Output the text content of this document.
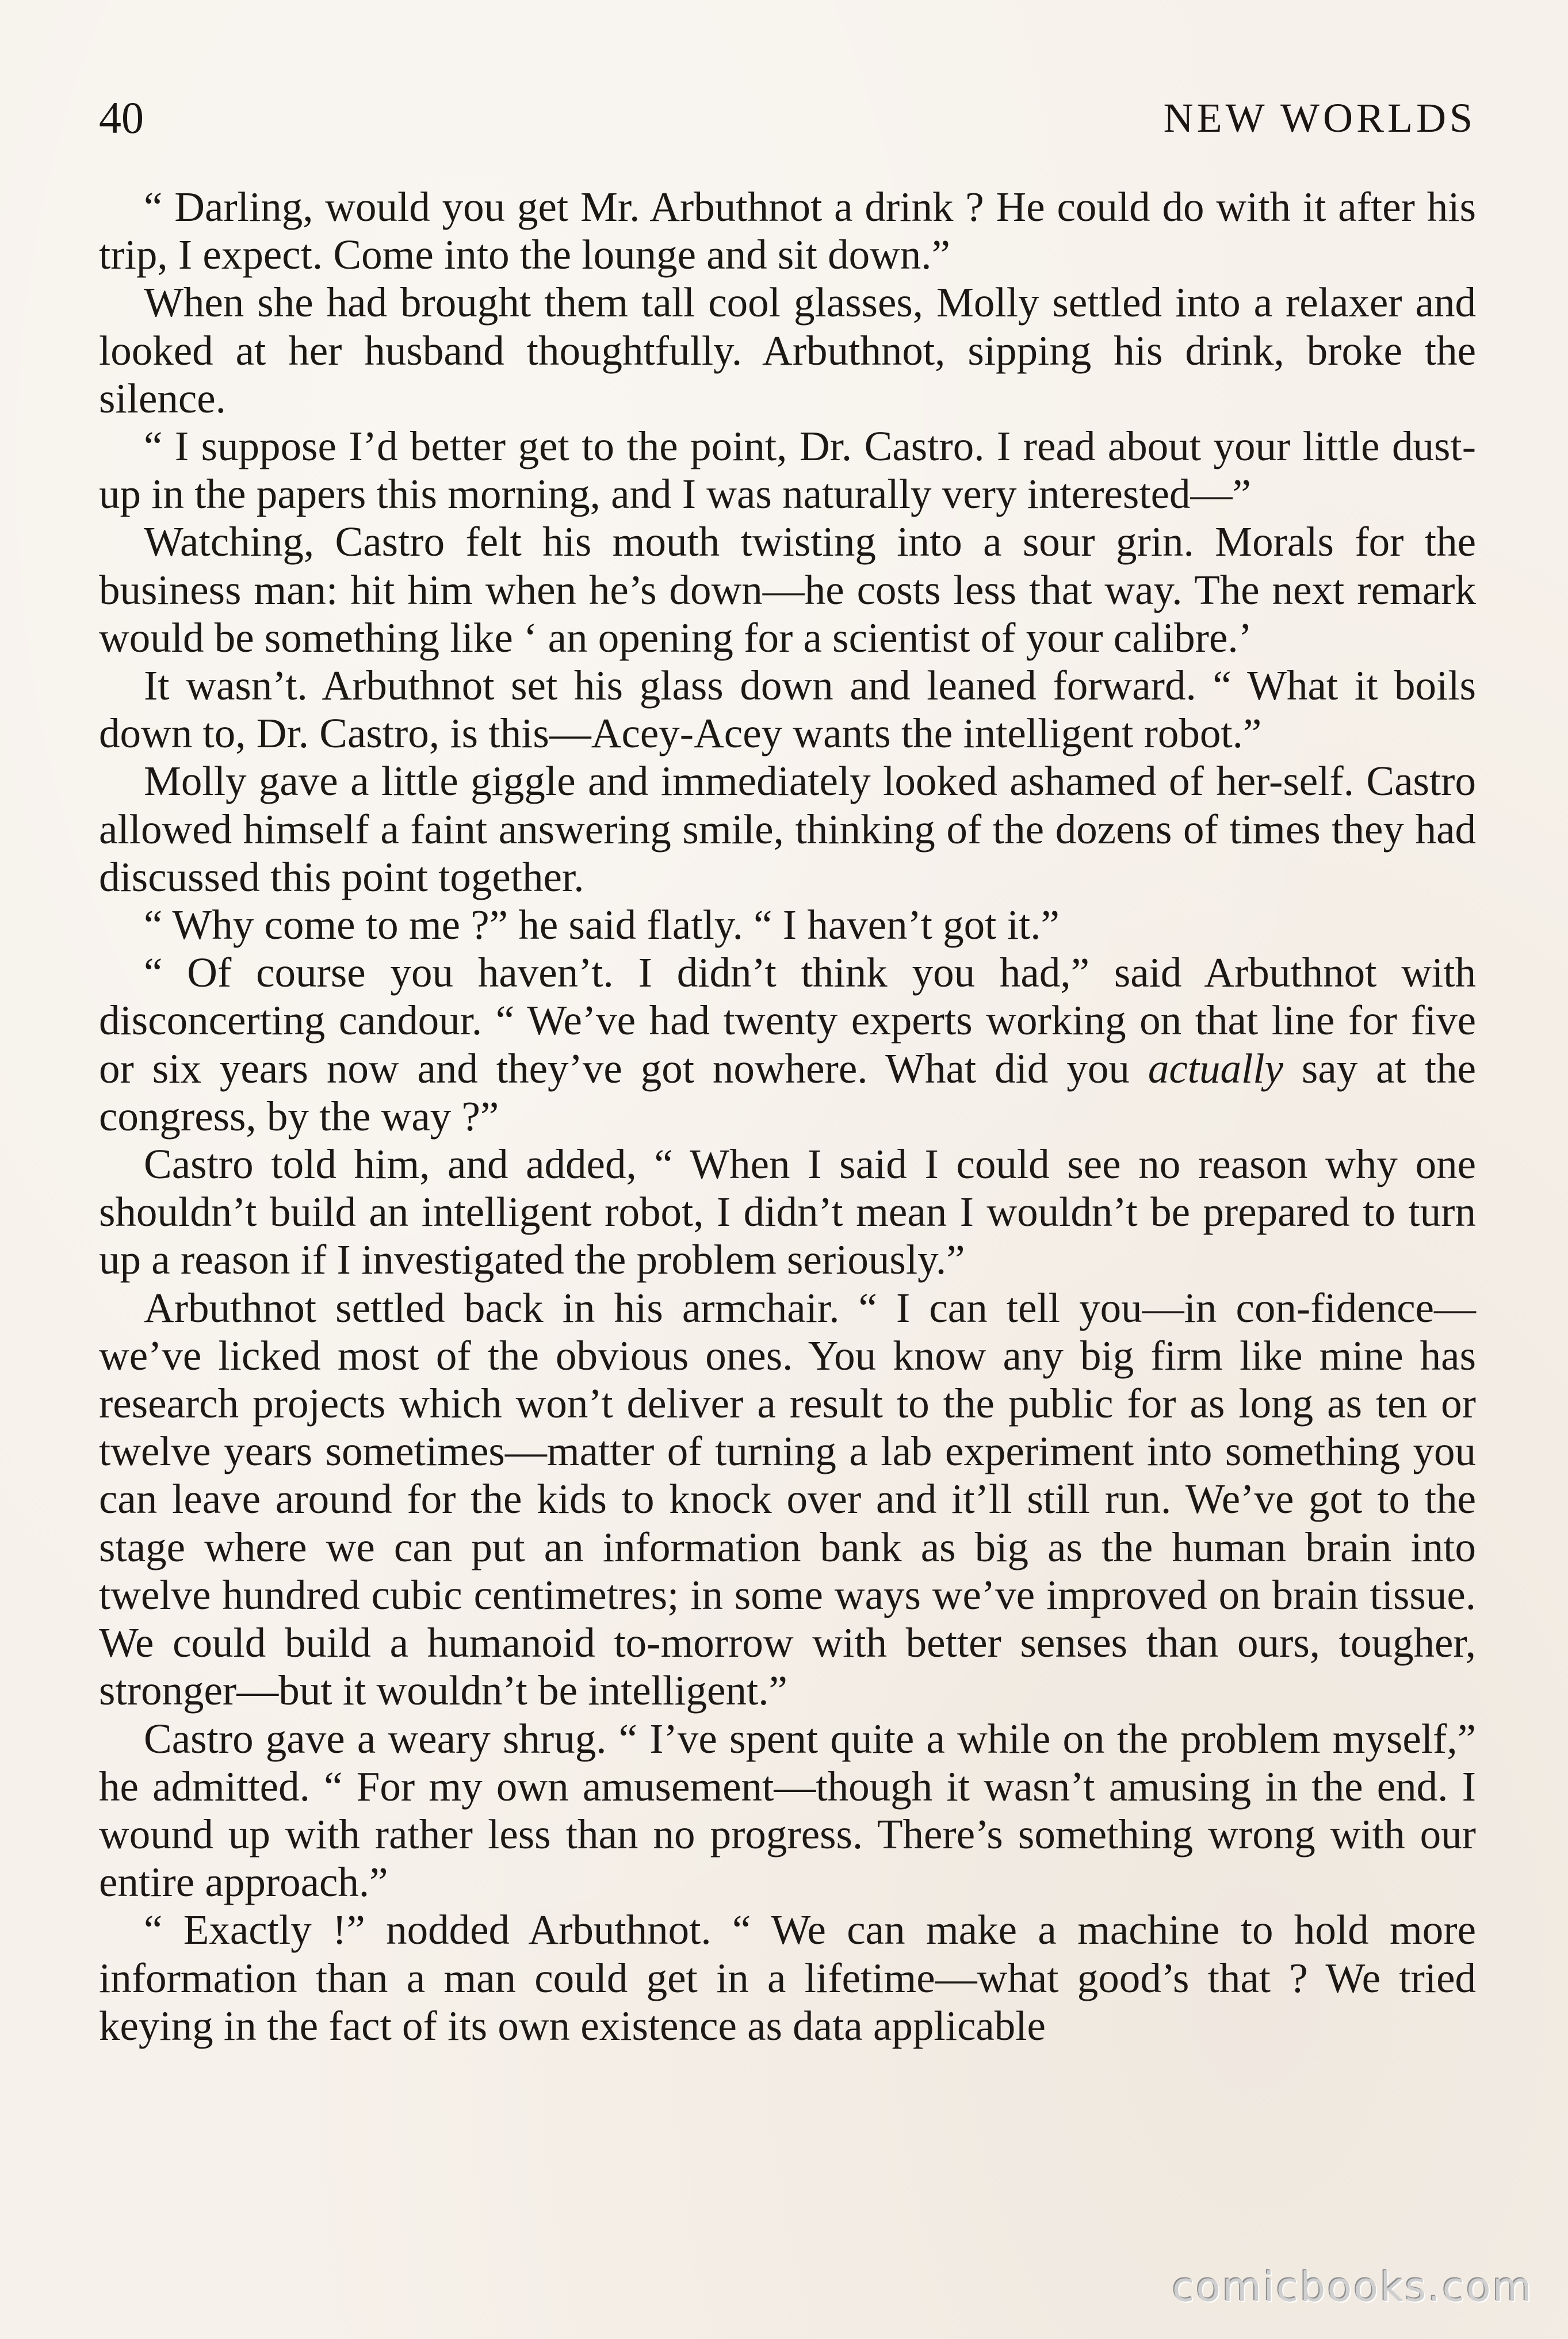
40	NEW WORLDS

“ Darling, would you get Mr. Arbuthnot a drink ? He could do with it after his trip, I expect. Come into the lounge and sit down.”

When she had brought them tall cool glasses, Molly settled into a relaxer and looked at her husband thoughtfully. Arbuthnot, sipping his drink, broke the silence.

“ I suppose I’d better get to the point, Dr. Castro. I read about your little dust-up in the papers this morning, and I was naturally very interested—”

Watching, Castro felt his mouth twisting into a sour grin. Morals for the business man: hit him when he’s down—he costs less that way. The next remark would be something like ‘ an opening for a scientist of your calibre.’

It wasn’t. Arbuthnot set his glass down and leaned forward. “ What it boils down to, Dr. Castro, is this—Acey-Acey wants the intelligent robot.”

Molly gave a little giggle and immediately looked ashamed of her-self. Castro allowed himself a faint answering smile, thinking of the dozens of times they had discussed this point together.

“ Why come to me ?” he said flatly. “ I haven’t got it.”

“ Of course you haven’t. I didn’t think you had,” said Arbuthnot with disconcerting candour. “ We’ve had twenty experts working on that line for five or six years now and they’ve got nowhere. What did you actually say at the congress, by the way ?”

Castro told him, and added, “ When I said I could see no reason why one shouldn’t build an intelligent robot, I didn’t mean I wouldn’t be prepared to turn up a reason if I investigated the problem seriously.”

Arbuthnot settled back in his armchair. “ I can tell you—in con-fidence—we’ve licked most of the obvious ones. You know any big firm like mine has research projects which won’t deliver a result to the public for as long as ten or twelve years sometimes—matter of turning a lab experiment into something you can leave around for the kids to knock over and it’ll still run. We’ve got to the stage where we can put an information bank as big as the human brain into twelve hundred cubic centimetres; in some ways we’ve improved on brain tissue. We could build a humanoid to-morrow with better senses than ours, tougher, stronger—but it wouldn’t be intelligent.”

Castro gave a weary shrug. “ I’ve spent quite a while on the problem myself,” he admitted. “ For my own amusement—though it wasn’t amusing in the end. I wound up with rather less than no progress. There’s something wrong with our entire approach.”

“ Exactly !” nodded Arbuthnot. “ We can make a machine to hold more information than a man could get in a lifetime—what good’s that ? We tried keying in the fact of its own existence as data applicable

comicbooks.com
